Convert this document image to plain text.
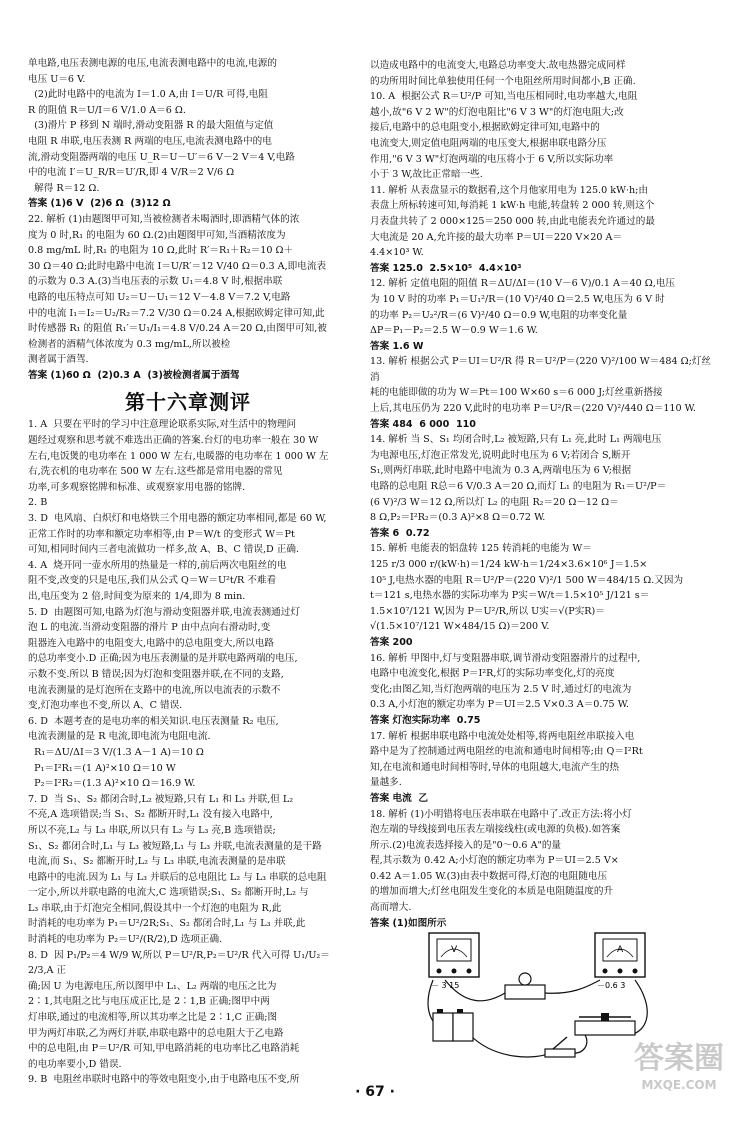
单电路,电压表测电源的电压,电流表测电路中的电流,电源的

电压 U＝6 V.

(2)此时电路中的电流为 I＝1.0 A,由 I＝U/R 可得,电阻

R 的阻值 R＝U/I＝6 V/1.0 A＝6 Ω.

(3)滑片 P 移到 N 端时,滑动变阻器 R 的最大阻值与定值

电阻 R 串联,电压表测 R 两端的电压,电流表测电路中的电

流,滑动变阻器两端的电压 U_R＝U－U′＝6 V－2 V＝4 V,电路

中的电流 I′＝U_R/R＝U′/R,即 4 V/R＝2 V/6 Ω

解得 R＝12 Ω.

答案 (1)6 V  (2)6 Ω  (3)12 Ω

22. 解析 (1)由题图甲可知,当被检测者未喝酒时,即酒精气体的浓

度为 0 时,R₁ 的电阻为 60 Ω.(2)由题图甲可知,当酒精浓度为

0.8 mg/mL 时,R₁ 的电阻为 10 Ω,此时 R′＝R₁＋R₂＝10 Ω＋

30 Ω＝40 Ω;此时电路中电流 I＝U/R′＝12 V/40 Ω＝0.3 A,即电流表

的示数为 0.3 A.(3)当电压表的示数 U₁＝4.8 V 时,根据串联

电路的电压特点可知 U₂＝U－U₁＝12 V－4.8 V＝7.2 V,电路

中的电流 I₁＝I₂＝U₂/R₂＝7.2 V/30 Ω＝0.24 A,根据欧姆定律可知,此

时传感器 R₁ 的阻值 R₁′＝U₁/I₁＝4.8 V/0.24 A＝20 Ω,由图甲可知,被

检测者的酒精气体浓度为 0.3 mg/mL,所以被检

测者属于酒驾.

答案 (1)60 Ω  (2)0.3 A  (3)被检测者属于酒驾

第十六章测评

1. A  只要在平时的学习中注意理论联系实际,对生活中的物理问

题经过观察和思考就不难选出正确的答案.台灯的电功率一般在 30 W

左右,电饭煲的电功率在 1 000 W 左右,电暖器的电功率在 1 000 W 左

右,洗衣机的电功率在 500 W 左右.这些都是常用电器的常见

功率,可多观察铭牌和标准、或观察家用电器的铭牌.

2. B

3. D  电风扇、白炽灯和电烙铁三个用电器的额定功率相同,都是 60 W,

正常工作时的功率和额定功率相等,由 P＝W/t 的变形式 W＝Pt

可知,相同时间内三者电流做功一样多,故 A、B、C 错误,D 正确.

4. A  烧开同一壶水所用的热量是一样的,前后两次电阻丝的电

阻不变,改变的只是电压,我们从公式 Q＝W＝U²t/R 不难看

出,电压变为 2 倍,时间变为原来的 1/4,即为 8 min.

5. D  由题图可知,电路为灯泡与滑动变阻器并联,电流表测通过灯

泡 L 的电流.当滑动变阻器的滑片 P 由中点向右滑动时,变

阻器连入电路中的电阻变大,电路中的总电阻变大,所以电路

的总功率变小.D 正确;因为电压表测量的是并联电路两端的电压,

示数不变.所以 B 错误;因为灯泡和变阻器并联,在不同的支路,

电流表测量的是灯泡所在支路中的电流,所以电流表的示数不

变,灯泡功率也不变,所以 A、C 错误.

6. D  本题考查的是电功率的相关知识.电压表测量 R₂ 电压,

电流表测量的是 R 电流,即电流为电阻电流.

R₁＝ΔU/ΔI＝3 V/(1.3 A－1 A)＝10 Ω

P₁＝I²R₁＝(1 A)²×10 Ω＝10 W

P₂＝I²R₂＝(1.3 A)²×10 Ω＝16.9 W.

7. D  当 S₁、S₂ 都闭合时,L₂ 被短路,只有 L₁ 和 L₃ 并联,但 L₂

不亮,A 选项错误;当 S₁、S₂ 都断开时,L₁ 没有接入电路中,

所以不亮,L₂ 与 L₃ 串联,所以只有 L₂ 与 L₃ 亮,B 选项错误;

S₁、S₂ 都闭合时,L₁ 与 L₃ 被短路,L₁ 与 L₃ 并联,电流表测量的是干路

电流,而 S₁、S₂ 都断开时,L₂ 与 L₃ 串联,电流表测量的是串联

电路中的电流.因为 L₁ 与 L₃ 并联后的总电阻比 L₂ 与 L₃ 串联的总电阻

一定小,所以并联电路的电流大,C 选项错误;S₁、S₂ 都断开时,L₂ 与

L₃ 串联,由于灯泡完全相同,假设其中一个灯泡的电阻为 R,此

时消耗的电功率为 P₁＝U²/2R;S₁、S₂ 都闭合时,L₁ 与 L₃ 并联,此

时消耗的电功率为 P₂＝U²/(R/2),D 选项正确.

8. D  因 P₁/P₂＝4 W/9 W,所以 P＝U²/R,P₂＝U²/R 代入可得 U₁/U₂＝2/3,A 正

确;因 U 为电源电压,所以图甲中 L₁、L₂ 两端的电压之比为

2∶1,其电阻之比与电压成正比,是 2∶1,B 正确;图甲中两

灯串联,通过的电流相等,所以其功率之比是 2∶1,C 正确;图

甲为两灯串联,乙为两灯并联,串联电路中的总电阻大于乙电路

中的总电阻,由 P＝U²/R 可知,甲电路消耗的电功率比乙电路消耗

的电功率要小,D 错误.

9. B  电阻丝串联时电路中的等效电阻变小,由于电路电压不变,所

以造成电路中的电流变大,电路总功率变大.故电热器完成同样

的功所用时间比单独使用任何一个电阻丝所用时间都小,B 正确.

10. A  根据公式 R＝U²/P 可知,当电压相同时,电功率越大,电阻

越小,故"6 V 2 W"的灯泡电阻比"6 V 3 W"的灯泡电阻大;改

接后,电路中的总电阻变小,根据欧姆定律可知,电路中的

电流变大,则定值电阻两端的电压变大,根据串联电路分压

作用,"6 V 3 W"灯泡两端的电压将小于 6 V,所以实际功率

小于 3 W,故比正常暗一些.

11. 解析 从表盘显示的数据看,这个月他家用电为 125.0 kW·h;由

表盘上所标转速可知,每消耗 1 kW·h 电能,转盘转 2 000 转,则这个

月表盘共转了 2 000×125＝250 000 转,由此电能表允许通过的最

大电流是 20 A,允许接的最大功率 P＝UI＝220 V×20 A＝

4.4×10³ W.

答案 125.0  2.5×10⁵  4.4×10³

12. 解析 定值电阻的阻值 R＝ΔU/ΔI＝(10 V－6 V)/0.1 A＝40 Ω,电压

为 10 V 时的功率 P₁＝U₁²/R＝(10 V)²/40 Ω＝2.5 W,电压为 6 V 时

的功率 P₂＝U₂²/R＝(6 V)²/40 Ω＝0.9 W,电阻的功率变化量

ΔP＝P₁－P₂＝2.5 W－0.9 W＝1.6 W.

答案 1.6 W

13. 解析 根据公式 P＝UI＝U²/R 得 R＝U²/P＝(220 V)²/100 W＝484 Ω;灯丝消

耗的电能即做的功为 W＝Pt＝100 W×60 s＝6 000 J;灯丝重新搭接

上后,其电压仍为 220 V,此时的电功率 P＝U²/R＝(220 V)²/440 Ω＝110 W.

答案 484  6 000  110

14. 解析 当 S、S₁ 均闭合时,L₂ 被短路,只有 L₁ 亮,此时 L₁ 两端电压

为电源电压,灯泡正常发光,说明此时电压为 6 V;若闭合 S,断开

S₁,则两灯串联,此时电路中电流为 0.3 A,两端电压为 6 V;根据

电路的总电阻 R总＝6 V/0.3 A＝20 Ω,而灯 L₁ 的电阻为 R₁＝U²/P＝

(6 V)²/3 W＝12 Ω,所以灯 L₂ 的电阻 R₂＝20 Ω－12 Ω＝

8 Ω,P₂＝I²R₂＝(0.3 A)²×8 Ω＝0.72 W.

答案 6  0.72

15. 解析 电能表的铝盘转 125 转消耗的电能为 W＝

125 r/3 000 r/(kW·h)＝1/24 kW·h＝1/24×3.6×10⁶ J＝1.5×

10⁵ J,电热水器的电阻 R＝U²/P＝(220 V)²/1 500 W＝484/15 Ω.又因为

t＝121 s,电热水器的实际功率为 P实＝W/t＝1.5×10⁵ J/121 s＝

1.5×10⁷/121 W,因为 P＝U²/R,所以 U实＝√(P实R)＝

√(1.5×10⁷/121 W×484/15 Ω)＝200 V.

答案 200

16. 解析 甲图中,灯与变阻器串联,调节滑动变阻器滑片的过程中,

电路中电流变化,根据 P＝I²R,灯的实际功率变化,灯的亮度

变化;由图乙知,当灯泡两端的电压为 2.5 V 时,通过灯的电流为

0.3 A,小灯泡的额定功率为 P＝UI＝2.5 V×0.3 A＝0.75 W.

答案 灯泡实际功率  0.75

17. 解析 根据串联电路中电流处处相等,将两电阻丝串联接入电

路中是为了控制通过两电阻丝的电流和通电时间相等;由 Q＝I²Rt

知,在电流和通电时间相等时,导体的电阻越大,电流产生的热

量越多.

答案 电流  乙

18. 解析 (1)小明错将电压表串联在电路中了.改正方法:将小灯

泡左端的导线接到电压表左端接线柱(或电源的负极).如答案

所示.(2)电流表选择接入的是"0～0.6 A"的量

程,其示数为 0.42 A;小灯泡的额定功率为 P＝UI＝2.5 V×

0.42 A＝1.05 W.(3)由表中数据可得,灯泡的电阻随电压

的增加而增大;灯丝电阻发生变化的本质是电阻随温度的升

高而增大.

答案 (1)如图所示

V
－ 3 15
A
－0.6 3
· 67 ·
答案圈
MXQE.COM
